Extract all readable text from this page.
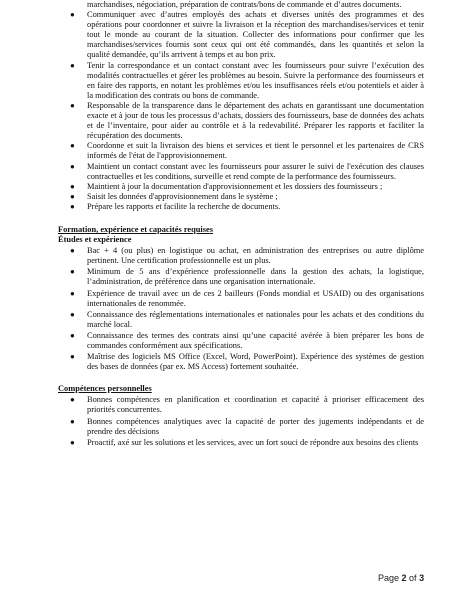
marchandises, négociation, préparation de contrats/bons de commande et d’autres documents.

● Communiquer avec d’autres employés des achats et diverses unités des programmes et des opérations pour coordonner et suivre la livraison et la réception des marchandises/services et tenir tout le monde au courant de la situation. Collecter des informations pour confirmer que les marchandises/services fournis sont ceux qui ont été commandés, dans les quantités et selon la qualité demandée, qu’ils arrivent à temps et au bon prix.

● Tenir la correspondance et un contact constant avec les fournisseurs pour suivre l’exécution des modalités contractuelles et gérer les problèmes au besoin. Suivre la performance des fournisseurs et en faire des rapports, en notant les problèmes et/ou les insuffisances réels et/ou potentiels et aider à la modification des contrats ou bons de commande.

● Responsable de la transparence dans le département des achats en garantissant une documentation exacte et à jour de tous les processus d’achats, dossiers des fournisseurs, base de données des achats et de l’inventaire, pour aider au contrôle et à la redevabilité. Préparer les rapports et faciliter la récupération des documents.

● Coordonne et suit la livraison des biens et services et tient le personnel et les partenaires de CRS informés de l'état de l'approvisionnement.

● Maintient un contact constant avec les fournisseurs pour assurer le suivi de l'exécution des clauses contractuelles et les conditions, surveille et rend compte de la performance des fournisseurs.

● Maintient à jour la documentation d'approvisionnement et les dossiers des fournisseurs ;

● Saisit les données d'approvisionnement dans le système ;

● Prépare les rapports et facilite la recherche de documents.

Formation, expérience et capacités requises

Études et expérience

● Bac + 4 (ou plus) en logistique ou achat, en administration des entreprises ou autre diplôme pertinent. Une certification professionnelle est un plus.

● Minimum de 5 ans d’expérience professionnelle dans la gestion des achats, la logistique, l’administration, de préférence dans une organisation internationale.

● Expérience de travail avec un de ces 2 bailleurs (Fonds mondial et USAID) ou des organisations internationales de renommée.

● Connaissance des réglementations internationales et nationales pour les achats et des conditions du marché local.

● Connaissance des termes des contrats ainsi qu’une capacité avérée à bien préparer les bons de commandes conformément aux spécifications.

● Maîtrise des logiciels MS Office (Excel, Word, PowerPoint). Expérience des systèmes de gestion des bases de données (par ex. MS Access) fortement souhaitée.

Compétences personnelles

● Bonnes compétences en planification et coordination et capacité à prioriser efficacement des priorités concurrentes.

● Bonnes compétences analytiques avec la capacité de porter des jugements indépendants et de prendre des décisions

● Proactif, axé sur les solutions et les services, avec un fort souci de répondre aux besoins des clients

Page 2 of 3
